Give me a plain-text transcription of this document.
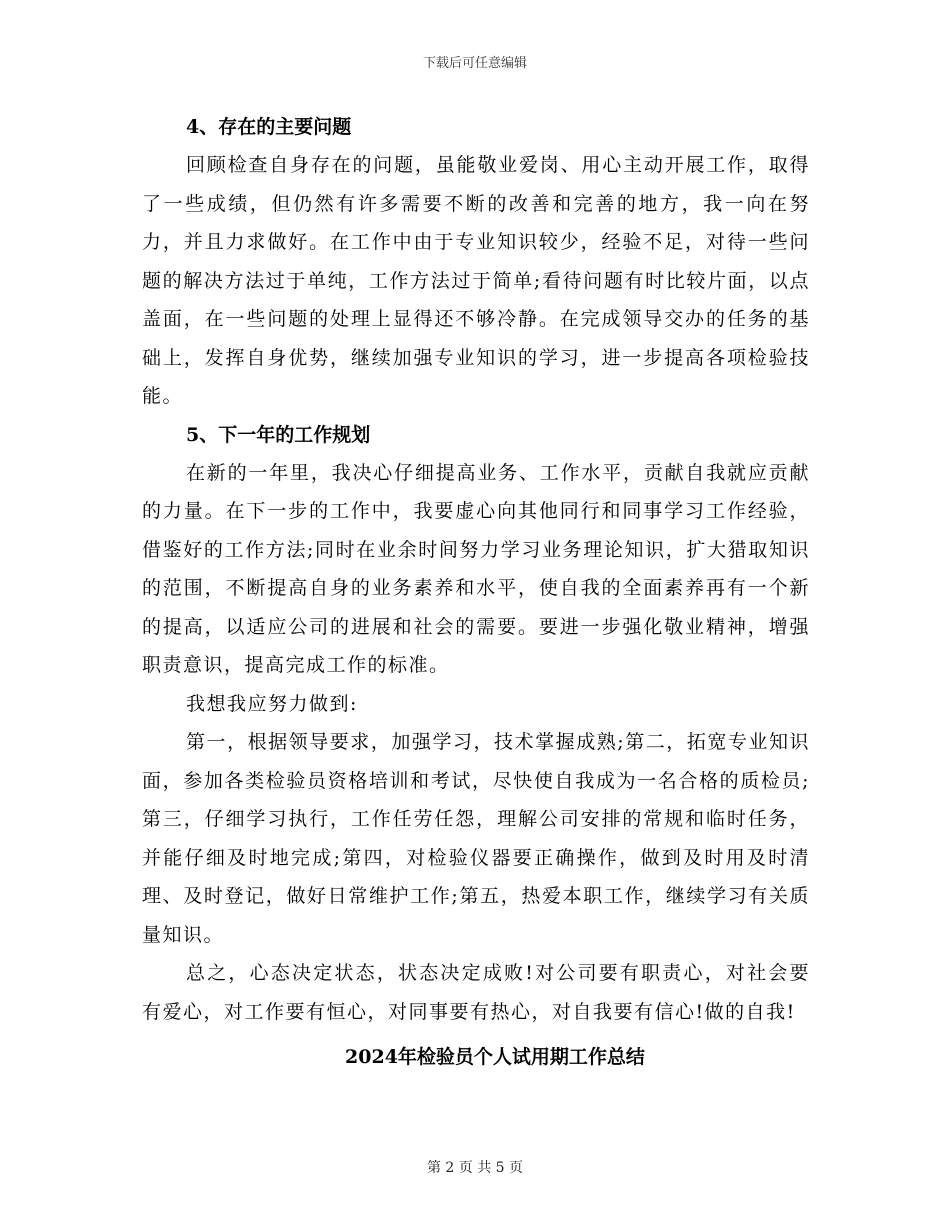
下载后可任意编辑

4、存在的主要问题

回顾检查自身存在的问题，虽能敬业爱岗、用心主动开展工作，取得了一些成绩，但仍然有许多需要不断的改善和完善的地方，我一向在努力，并且力求做好。在工作中由于专业知识较少，经验不足，对待一些问题的解决方法过于单纯，工作方法过于简单;看待问题有时比较片面，以点盖面，在一些问题的处理上显得还不够冷静。在完成领导交办的任务的基础上，发挥自身优势，继续加强专业知识的学习，进一步提高各项检验技能。

5、下一年的工作规划

在新的一年里，我决心仔细提高业务、工作水平，贡献自我就应贡献的力量。在下一步的工作中，我要虚心向其他同行和同事学习工作经验，借鉴好的工作方法;同时在业余时间努力学习业务理论知识，扩大猎取知识的范围，不断提高自身的业务素养和水平，使自我的全面素养再有一个新的提高，以适应公司的进展和社会的需要。要进一步强化敬业精神，增强职责意识，提高完成工作的标准。

我想我应努力做到:

第一，根据领导要求，加强学习，技术掌握成熟;第二，拓宽专业知识面，参加各类检验员资格培训和考试，尽快使自我成为一名合格的质检员;第三，仔细学习执行，工作任劳任怨，理解公司安排的常规和临时任务，并能仔细及时地完成;第四，对检验仪器要正确操作，做到及时用及时清理、及时登记，做好日常维护工作;第五，热爱本职工作，继续学习有关质量知识。

总之，心态决定状态，状态决定成败!对公司要有职责心，对社会要有爱心，对工作要有恒心，对同事要有热心，对自我要有信心!做的自我!

2024年检验员个人试用期工作总结

第 2 页 共 5 页
